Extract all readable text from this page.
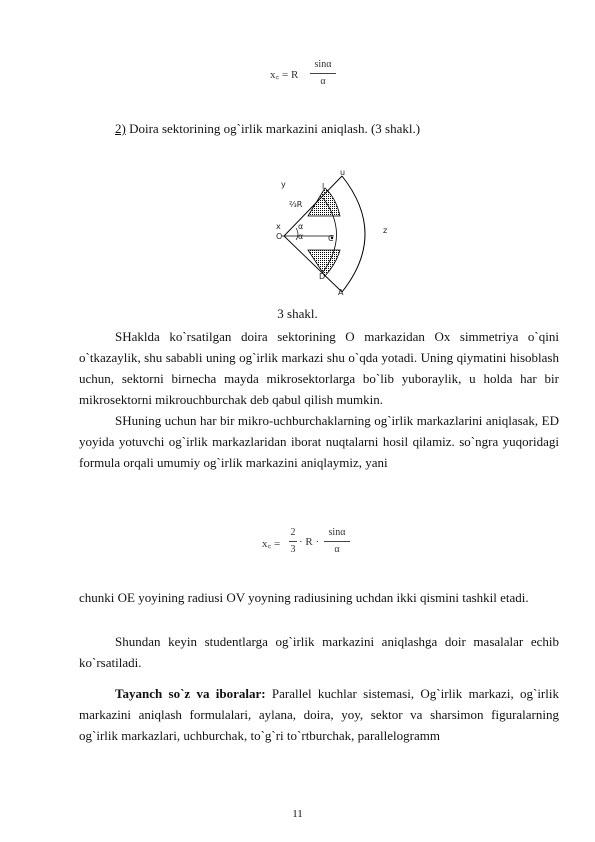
x꜀ = R
sinα
α
2) Doira sektorining og`irlik markazini aniqlash. (3 shakl.)
y
u
l
⅔R
x
O
α
α	C
D
A
z
3 shakl.

SHaklda ko`rsatilgan doira sektorining O markazidan Ox simmetriya o`qini o`tkazaylik, shu sababli uning og`irlik markazi shu o`qda yotadi. Uning qiymatini hisoblash uchun, sektorni birnecha mayda mikrosektorlarga bo`lib yuboraylik, u holda har bir mikrosektorni mikrouchburchak deb qabul qilish mumkin.

SHuning uchun har bir mikro-uchburchaklarning og`irlik markazlarini aniqlasak, ED yoyida yotuvchi og`irlik markazlaridan iborat nuqtalarni hosil qilamiz. so`ngra yuqoridagi formula orqali umumiy og`irlik markazini aniqlaymiz, yani

x꜀ =
2
3
· R ·
sinα
α

chunki OE yoyining radiusi OV yoyning radiusining uchdan ikki qismini tashkil etadi.

Shundan keyin studentlarga og`irlik markazini aniqlashga doir masalalar echib ko`rsatiladi.

Tayanch so`z va iboralar: Parallel kuchlar sistemasi, Og`irlik markazi, og`irlik markazini aniqlash formulalari, aylana, doira, yoy, sektor va sharsimon figuralarning og`irlik markazlari, uchburchak, to`g`ri to`rtburchak, parallelogramm

11
